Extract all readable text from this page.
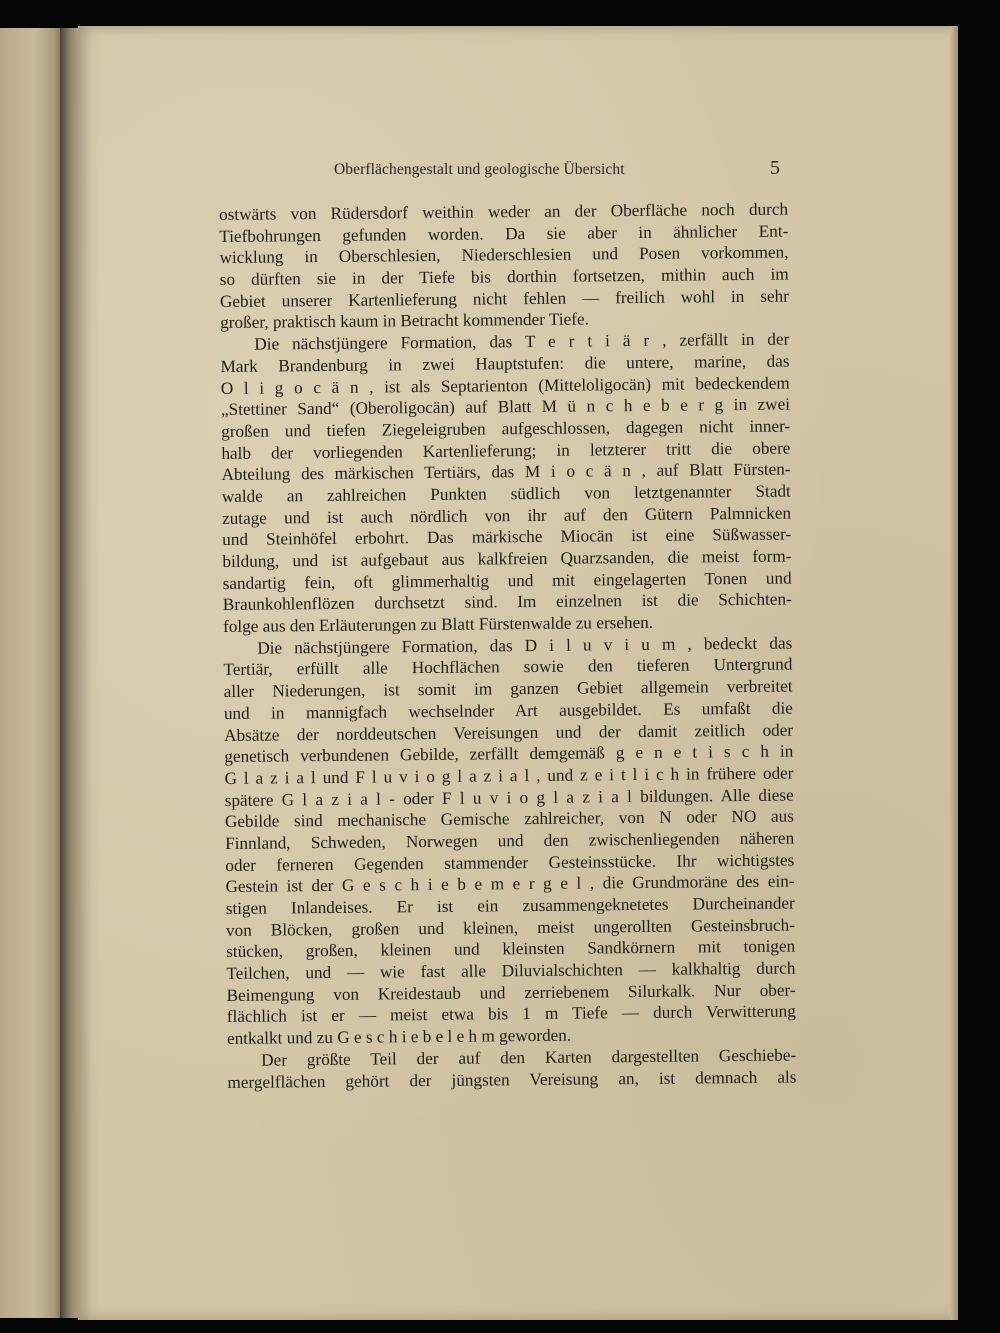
Oberflächengestalt und geologische Übersicht	5
ostwärts von Rüdersdorf weithin weder an der Oberfläche noch durch
Tiefbohrungen gefunden worden. Da sie aber in ähnlicher Ent-
wicklung in Oberschlesien, Niederschlesien und Posen vorkommen,
so dürften sie in der Tiefe bis dorthin fortsetzen, mithin auch im
Gebiet unserer Kartenlieferung nicht fehlen — freilich wohl in sehr
großer, praktisch kaum in Betracht kommender Tiefe.
Die nächstjüngere Formation, das T e r t i ä r , zerfällt in der
Mark Brandenburg in zwei Hauptstufen: die untere, marine, das
O l i g o c ä n , ist als Septarienton (Mitteloligocän) mit bedeckendem
„Stettiner Sand“ (Oberoligocän) auf Blatt M ü n c h e b e r g in zwei
großen und tiefen Ziegeleigruben aufgeschlossen, dagegen nicht inner-
halb der vorliegenden Kartenlieferung; in letzterer tritt die obere
Abteilung des märkischen Tertiärs, das M i o c ä n , auf Blatt Fürsten-
walde an zahlreichen Punkten südlich von letztgenannter Stadt
zutage und ist auch nördlich von ihr auf den Gütern Palmnicken
und Steinhöfel erbohrt. Das märkische Miocän ist eine Süßwasser-
bildung, und ist aufgebaut aus kalkfreien Quarzsanden, die meist form-
sandartig fein, oft glimmerhaltig und mit eingelagerten Tonen und
Braunkohlenflözen durchsetzt sind. Im einzelnen ist die Schichten-
folge aus den Erläuterungen zu Blatt Fürstenwalde zu ersehen.
Die nächstjüngere Formation, das D i l u v i u m , bedeckt das
Tertiär, erfüllt alle Hochflächen sowie den tieferen Untergrund
aller Niederungen, ist somit im ganzen Gebiet allgemein verbreitet
und in mannigfach wechselnder Art ausgebildet. Es umfaßt die
Absätze der norddeutschen Vereisungen und der damit zeitlich oder
genetisch verbundenen Gebilde, zerfällt demgemäß g e n e t i s c h in
G l a z i a l und F l u v i o g l a z i a l , und z e i t l i c h in frühere oder
spätere G l a z i a l - oder F l u v i o g l a z i a l bildungen. Alle diese
Gebilde sind mechanische Gemische zahlreicher, von N oder NO aus
Finnland, Schweden, Norwegen und den zwischenliegenden näheren
oder ferneren Gegenden stammender Gesteinsstücke. Ihr wichtigstes
Gestein ist der G e s c h i e b e m e r g e l , die Grundmoräne des ein-
stigen Inlandeises. Er ist ein zusammengeknetetes Durcheinander
von Blöcken, großen und kleinen, meist ungerollten Gesteinsbruch-
stücken, großen, kleinen und kleinsten Sandkörnern mit tonigen
Teilchen, und — wie fast alle Diluvialschichten — kalkhaltig durch
Beimengung von Kreidestaub und zerriebenem Silurkalk. Nur ober-
flächlich ist er — meist etwa bis 1 m Tiefe — durch Verwitterung
entkalkt und zu G e s c h i e b e l e h m geworden.
Der größte Teil der auf den Karten dargestellten Geschiebe-
mergelflächen gehört der jüngsten Vereisung an, ist demnach als
